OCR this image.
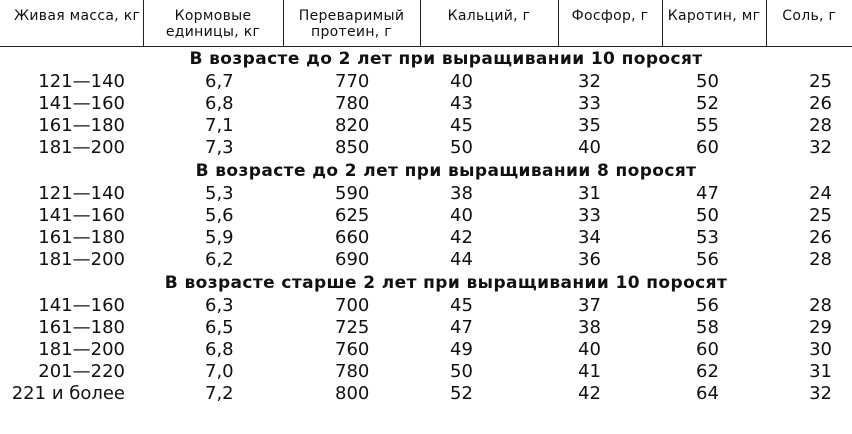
Живая масса, кг	Кормовые единицы, кг	Переваримый протеин, г	Кальций, г	Фосфор, г	Каротин, мг	Соль, г
В возрасте до 2 лет при выращивании 10 поросят						
121—140	6,7	770	40	32	50	25
141—160	6,8	780	43	33	52	26
161—180	7,1	820	45	35	55	28
181—200	7,3	850	50	40	60	32
В возрасте до 2 лет при выращивании 8 поросят						
121—140	5,3	590	38	31	47	24
141—160	5,6	625	40	33	50	25
161—180	5,9	660	42	34	53	26
181—200	6,2	690	44	36	56	28
В возрасте старше 2 лет при выращивании 10 поросят						
141—160	6,3	700	45	37	56	28
161—180	6,5	725	47	38	58	29
181—200	6,8	760	49	40	60	30
201—220	7,0	780	50	41	62	31
221 и более	7,2	800	52	42	64	32
